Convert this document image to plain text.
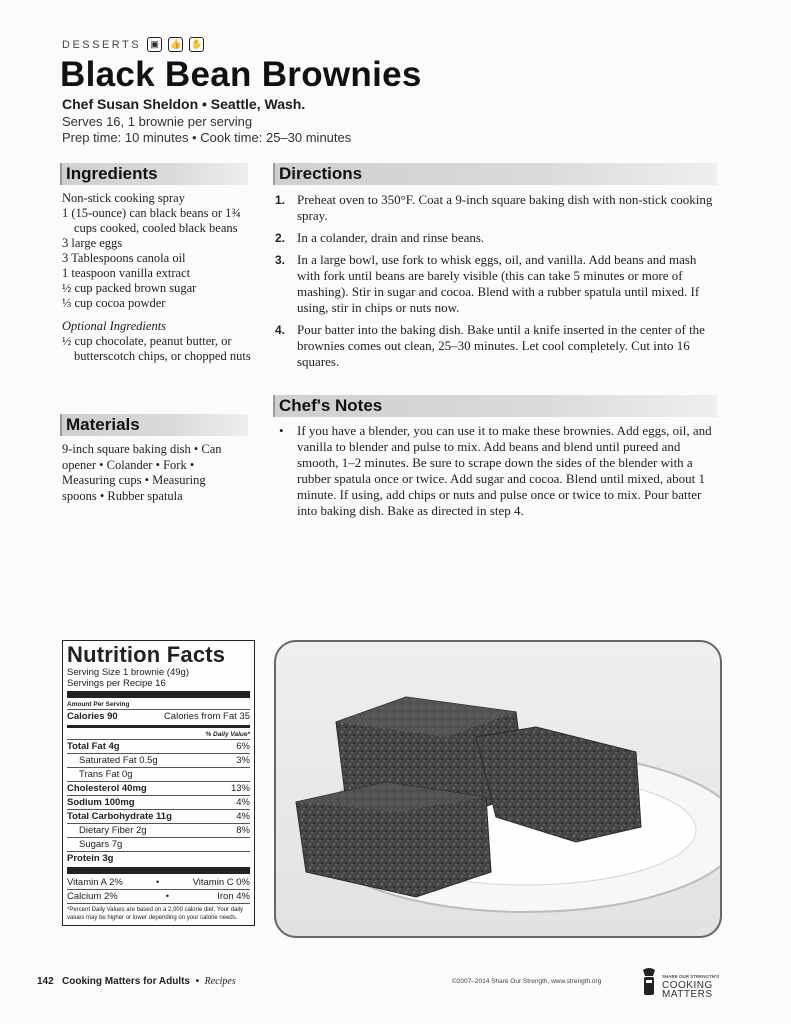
DESSERTS	▣	👍 ✋
Black Bean Brownies
Chef Susan Sheldon • Seattle, Wash.
Serves 16, 1 brownie per serving
Prep time: 10 minutes • Cook time: 25–30 minutes
Ingredients
Non-stick cooking spray
1 (15-ounce) can black beans or 1¾ cups cooked, cooled black beans
3 large eggs
3 Tablespoons canola oil
1 teaspoon vanilla extract
½ cup packed brown sugar
⅓ cup cocoa powder
Optional Ingredients
½ cup chocolate, peanut butter, or butterscotch chips, or chopped nuts
Materials
9-inch square baking dish • Can opener • Colander • Fork • Measuring cups • Measuring spoons • Rubber spatula
Directions
1. Preheat oven to 350°F. Coat a 9-inch square baking dish with non-stick cooking spray.
2. In a colander, drain and rinse beans.
3. In a large bowl, use fork to whisk eggs, oil, and vanilla. Add beans and mash with fork until beans are barely visible (this can take 5 minutes or more of mashing). Stir in sugar and cocoa. Blend with a rubber spatula until mixed. If using, stir in chips or nuts now.
4. Pour batter into the baking dish. Bake until a knife inserted in the center of the brownies comes out clean, 25–30 minutes. Let cool completely. Cut into 16 squares.
Chef's Notes
•	If you have a blender, you can use it to make these brownies. Add eggs, oil, and vanilla to blender and pulse to mix. Add beans and blend until pureed and smooth, 1–2 minutes. Be sure to scrape down the sides of the blender with a rubber spatula once or twice. Add sugar and cocoa. Blend until mixed, about 1 minute. If using, add chips or nuts and pulse once or twice to mix. Pour batter into baking dish. Bake as directed in step 4.
Nutrition Facts
Serving Size 1 brownie (49g)
Servings per Recipe 16
Amount Per Serving
Calories 90	Calories from Fat 35
% Daily Value*
Total Fat 4g	6%
Saturated Fat 0.5g	3%
Trans Fat 0g
Cholesterol 40mg	13%
Sodium 100mg	4%
Total Carbohydrate 11g	4%
Dietary Fiber 2g	8%
Sugars 7g
Protein 3g
Vitamin A 2%	•	Vitamin C 0%
Calcium 2%	•	Iron 4%
*Percent Daily Values are based on a 2,000 calorie diet. Your daily values may be higher or lower depending on your calorie needs.
142 Cooking Matters for Adults • Recipes	©2007–2014 Share Our Strength, www.strength.org
SHARE OUR STRENGTH'S
COOKING
MATTERS
